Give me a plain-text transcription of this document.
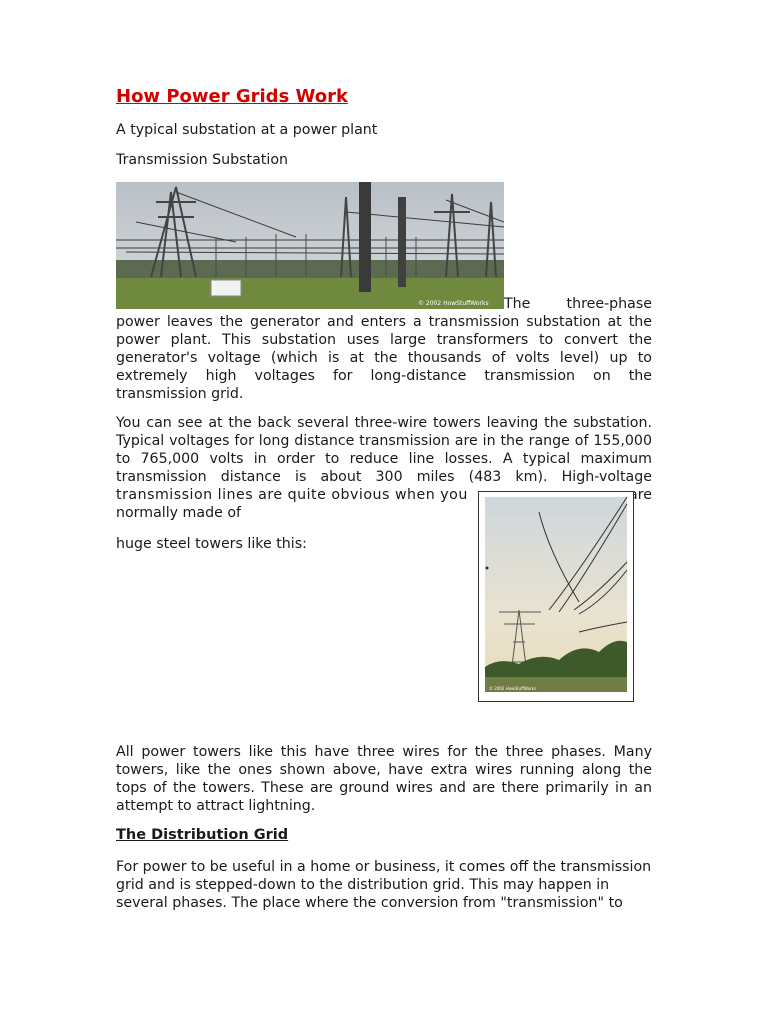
How Power Grids Work
A typical substation at a power plant
Transmission Substation
© 2002 HowStuffWorks	The three-phase power leaves the generator and enters a transmission substation at the power plant. This substation uses large transformers to convert the generator's voltage (which is at the thousands of volts level) up to extremely high voltages for long-distance transmission on the transmission grid.
You can see at the back several three-wire towers leaving the substation.
Typical voltages for long distance transmission are in the range of 155,000
to 765,000 volts in order to reduce line losses. A typical maximum
transmission distance is about 300 miles (483 km). High-voltage
transmission lines are quite obvious when you	are
normally made of
huge steel towers like this:
© 2002 HowStuffWorks
All power towers like this have three wires for the three phases. Many towers, like the ones shown above, have extra wires running along the tops of the towers. These are ground wires and are there primarily in an attempt to attract lightning.
The Distribution Grid
For power to be useful in a home or business, it comes off the transmission
grid and is stepped-down to the distribution grid. This may happen in
several phases. The place where the conversion from "transmission" to
